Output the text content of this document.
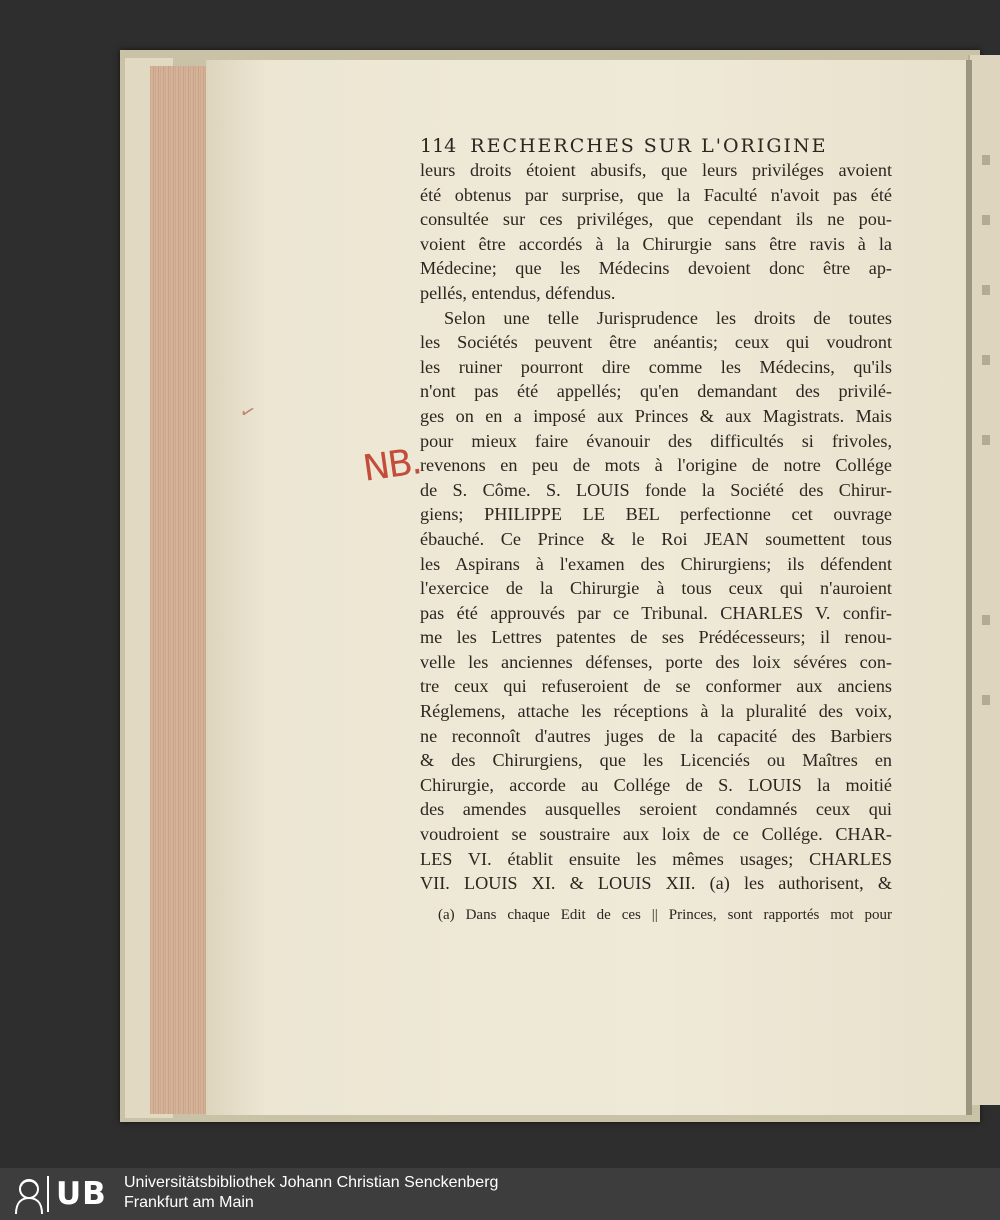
✓
NB.
114 RECHERCHES SUR L'ORIGINE
leurs droits étoient abusifs, que leurs priviléges avoient
été obtenus par surprise, que la Faculté n'avoit pas été
consultée sur ces priviléges, que cependant ils ne pou-
voient être accordés à la Chirurgie sans être ravis à la
Médecine; que les Médecins devoient donc être ap-
pellés, entendus, défendus.
Selon une telle Jurisprudence les droits de toutes
les Sociétés peuvent être anéantis; ceux qui voudront
les ruiner pourront dire comme les Médecins, qu'ils
n'ont pas été appellés; qu'en demandant des privilé-
ges on en a imposé aux Princes & aux Magistrats. Mais
pour mieux faire évanouir des difficultés si frivoles,
revenons en peu de mots à l'origine de notre Collége
de S. Côme. S. LOUIS fonde la Société des Chirur-
giens; PHILIPPE LE BEL perfectionne cet ouvrage
ébauché. Ce Prince & le Roi JEAN soumettent tous
les Aspirans à l'examen des Chirurgiens; ils défendent
l'exercice de la Chirurgie à tous ceux qui n'auroient
pas été approuvés par ce Tribunal. CHARLES V. confir-
me les Lettres patentes de ses Prédécesseurs; il renou-
velle les anciennes défenses, porte des loix sévéres con-
tre ceux qui refuseroient de se conformer aux anciens
Réglemens, attache les réceptions à la pluralité des voix,
ne reconnoît d'autres juges de la capacité des Barbiers
& des Chirurgiens, que les Licenciés ou Maîtres en
Chirurgie, accorde au Collége de S. LOUIS la moitié
des amendes ausquelles seroient condamnés ceux qui
voudroient se soustraire aux loix de ce Collége. CHAR-
LES VI. établit ensuite les mêmes usages; CHARLES
VII. LOUIS XI. & LOUIS XII. (a) les authorisent, &
(a) Dans chaque Edit de ces || Princes, sont rapportés mot pour
UB Universitätsbibliothek Johann Christian Senckenberg
Frankfurt am Main
